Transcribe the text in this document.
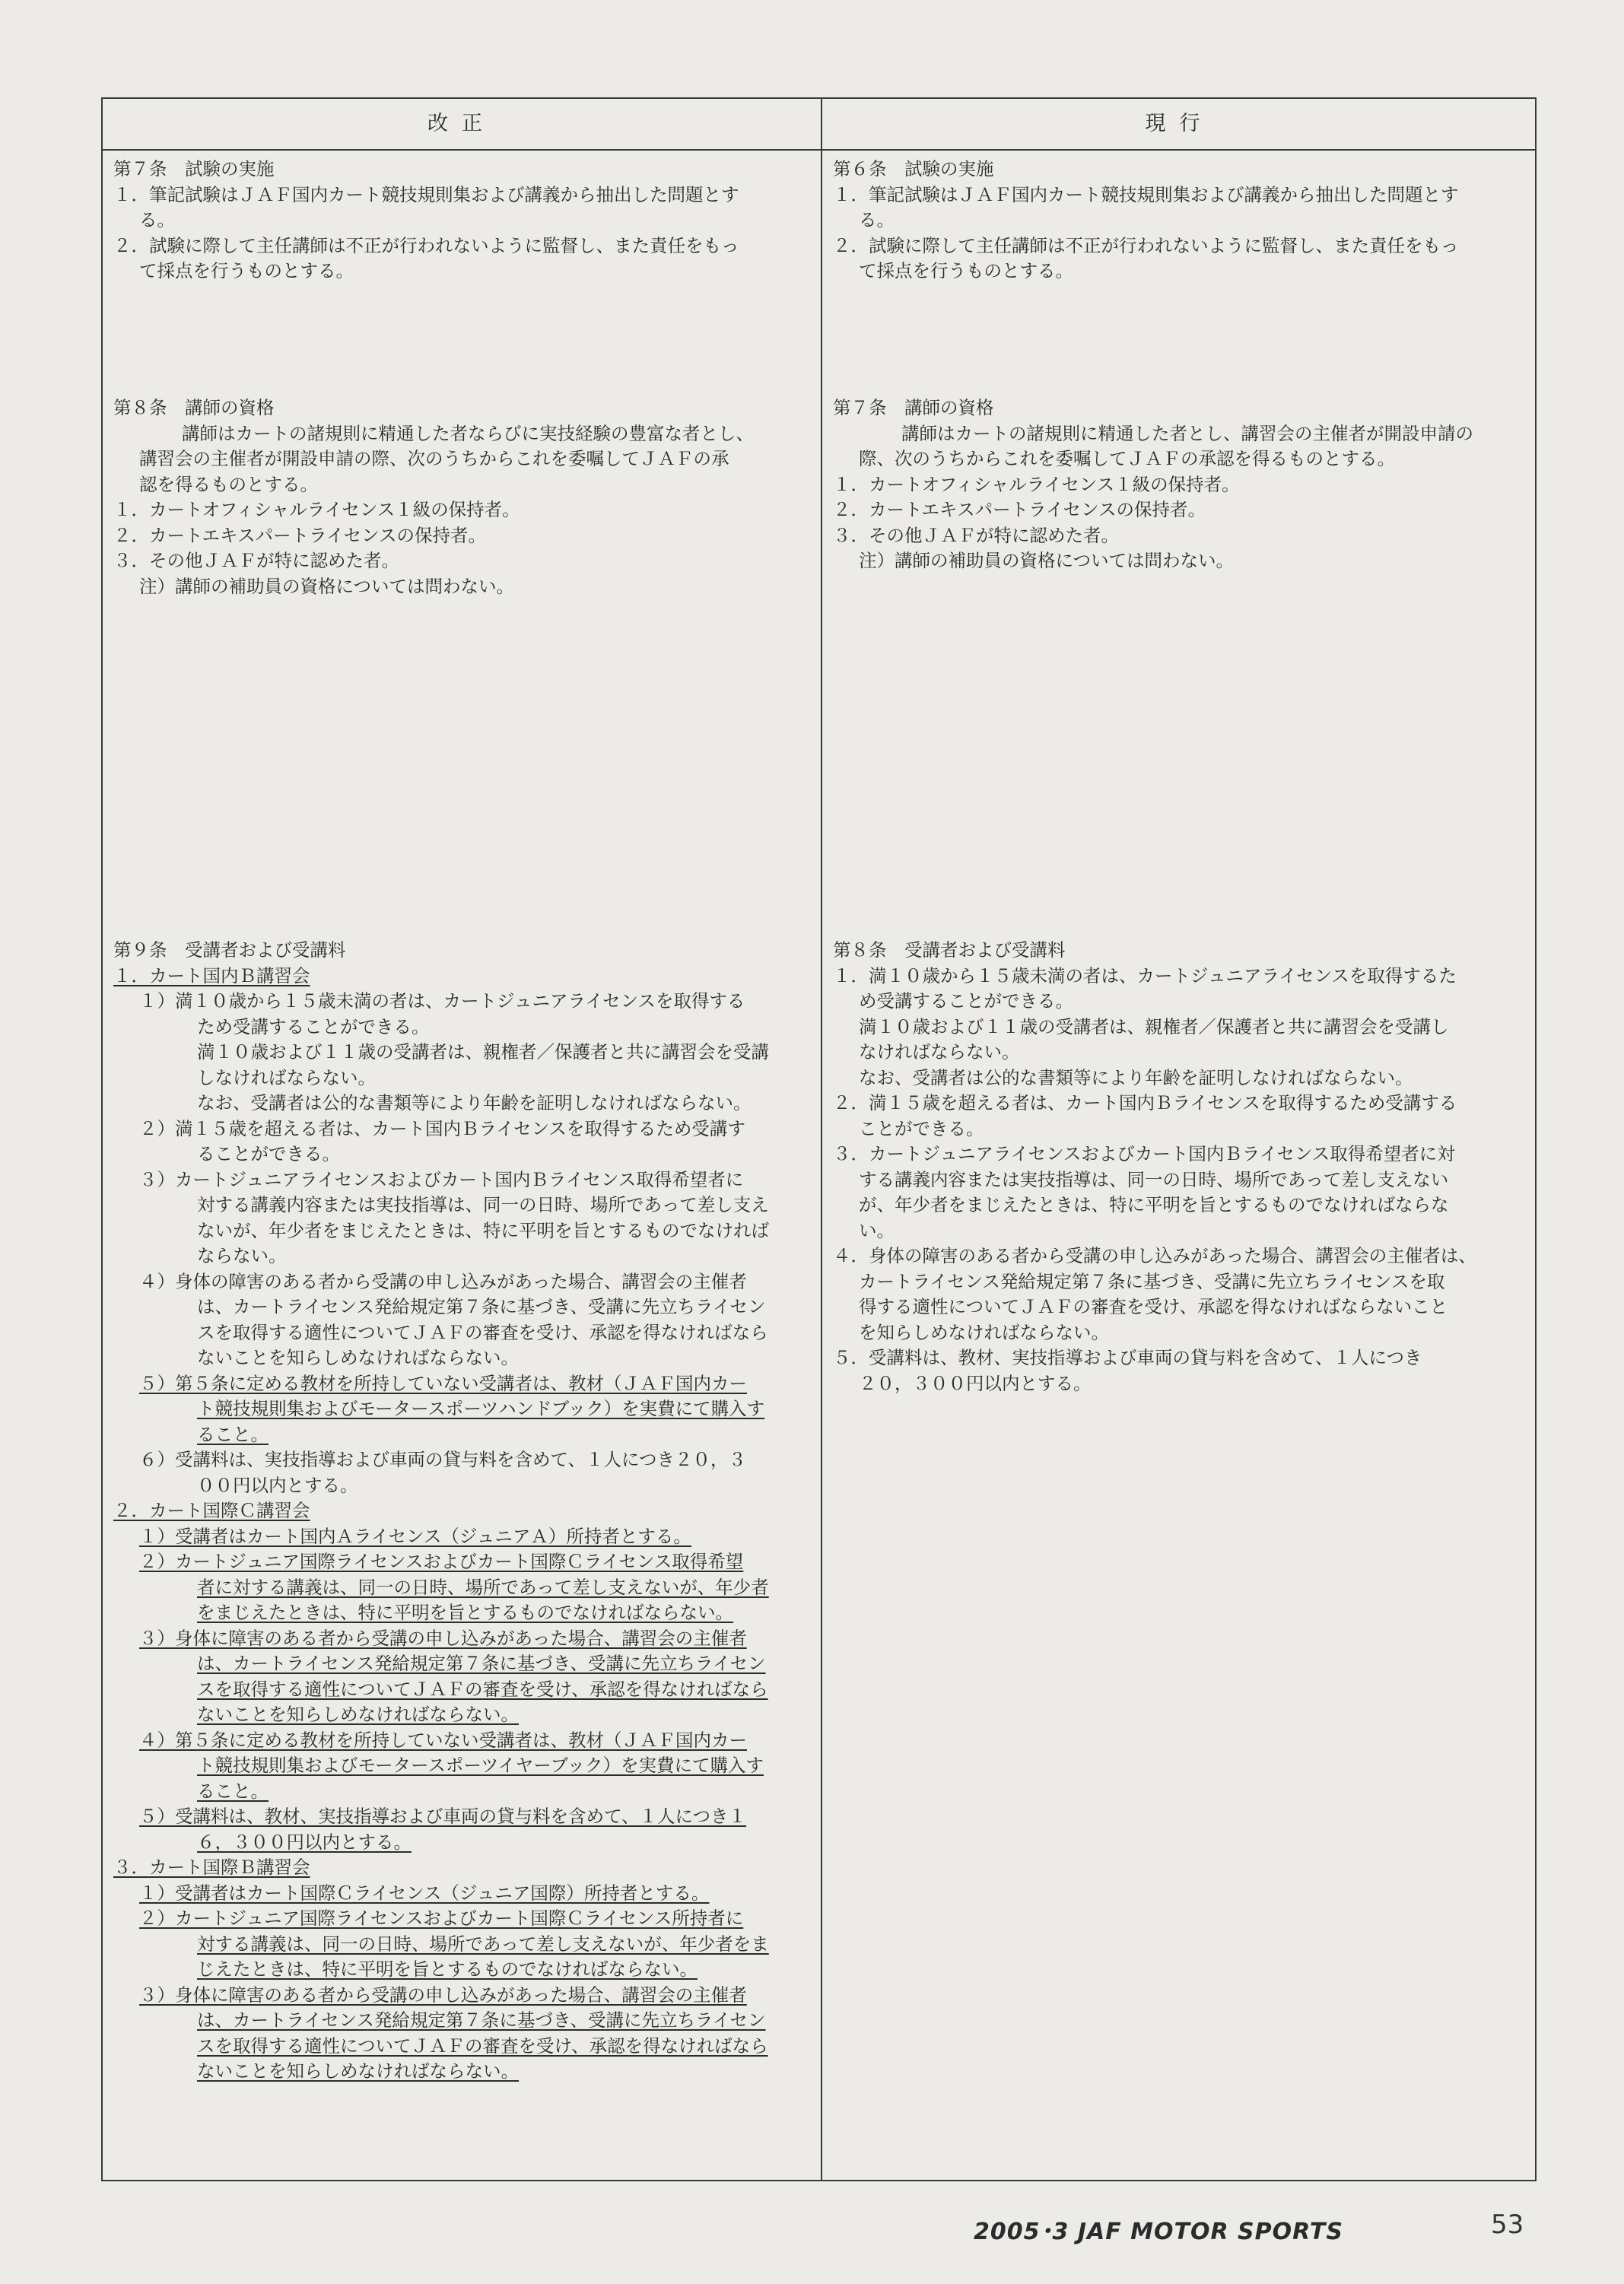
改正	現行
第７条　試験の実施
１．筆記試験はＪＡＦ国内カート競技規則集および講義から抽出した問題とす
る。
２．試験に際して主任講師は不正が行われないように監督し、また責任をもっ
て採点を行うものとする。
第８条　講師の資格
講師はカートの諸規則に精通した者ならびに実技経験の豊富な者とし、
講習会の主催者が開設申請の際、次のうちからこれを委嘱してＪＡＦの承
認を得るものとする。
１．カートオフィシャルライセンス１級の保持者。
２．カートエキスパートライセンスの保持者。
３．その他ＪＡＦが特に認めた者。
注）講師の補助員の資格については問わない。
第９条　受講者および受講料
１．カート国内Ｂ講習会
１）満１０歳から１５歳未満の者は、カートジュニアライセンスを取得する
ため受講することができる。
満１０歳および１１歳の受講者は、親権者／保護者と共に講習会を受講
しなければならない。
なお、受講者は公的な書類等により年齢を証明しなければならない。
２）満１５歳を超える者は、カート国内Ｂライセンスを取得するため受講す
ることができる。
３）カートジュニアライセンスおよびカート国内Ｂライセンス取得希望者に
対する講義内容または実技指導は、同一の日時、場所であって差し支え
ないが、年少者をまじえたときは、特に平明を旨とするものでなければ
ならない。
４）身体の障害のある者から受講の申し込みがあった場合、講習会の主催者
は、カートライセンス発給規定第７条に基づき、受講に先立ちライセン
スを取得する適性についてＪＡＦの審査を受け、承認を得なければなら
ないことを知らしめなければならない。
５）第５条に定める教材を所持していない受講者は、教材（ＪＡＦ国内カー
ト競技規則集およびモータースポーツハンドブック）を実費にて購入す
ること。
６）受講料は、実技指導および車両の貸与料を含めて、１人につき２０，３
００円以内とする。
２．カート国際Ｃ講習会
１）受講者はカート国内Ａライセンス（ジュニアＡ）所持者とする。
２）カートジュニア国際ライセンスおよびカート国際Ｃライセンス取得希望
者に対する講義は、同一の日時、場所であって差し支えないが、年少者
をまじえたときは、特に平明を旨とするものでなければならない。
３）身体に障害のある者から受講の申し込みがあった場合、講習会の主催者
は、カートライセンス発給規定第７条に基づき、受講に先立ちライセン
スを取得する適性についてＪＡＦの審査を受け、承認を得なければなら
ないことを知らしめなければならない。
４）第５条に定める教材を所持していない受講者は、教材（ＪＡＦ国内カー
ト競技規則集およびモータースポーツイヤーブック）を実費にて購入す
ること。
５）受講料は、教材、実技指導および車両の貸与料を含めて、１人につき１
６，３００円以内とする。
３．カート国際Ｂ講習会
１）受講者はカート国際Ｃライセンス（ジュニア国際）所持者とする。
２）カートジュニア国際ライセンスおよびカート国際Ｃライセンス所持者に
対する講義は、同一の日時、場所であって差し支えないが、年少者をま
じえたときは、特に平明を旨とするものでなければならない。
３）身体に障害のある者から受講の申し込みがあった場合、講習会の主催者
は、カートライセンス発給規定第７条に基づき、受講に先立ちライセン
スを取得する適性についてＪＡＦの審査を受け、承認を得なければなら
ないことを知らしめなければならない。
第６条　試験の実施
１．筆記試験はＪＡＦ国内カート競技規則集および講義から抽出した問題とす
る。
２．試験に際して主任講師は不正が行われないように監督し、また責任をもっ
て採点を行うものとする。
第７条　講師の資格
講師はカートの諸規則に精通した者とし、講習会の主催者が開設申請の
際、次のうちからこれを委嘱してＪＡＦの承認を得るものとする。
１．カートオフィシャルライセンス１級の保持者。
２．カートエキスパートライセンスの保持者。
３．その他ＪＡＦが特に認めた者。
注）講師の補助員の資格については問わない。
第８条　受講者および受講料
１．満１０歳から１５歳未満の者は、カートジュニアライセンスを取得するた
め受講することができる。
満１０歳および１１歳の受講者は、親権者／保護者と共に講習会を受講し
なければならない。
なお、受講者は公的な書類等により年齢を証明しなければならない。
２．満１５歳を超える者は、カート国内Ｂライセンスを取得するため受講する
ことができる。
３．カートジュニアライセンスおよびカート国内Ｂライセンス取得希望者に対
する講義内容または実技指導は、同一の日時、場所であって差し支えない
が、年少者をまじえたときは、特に平明を旨とするものでなければならな
い。
４．身体の障害のある者から受講の申し込みがあった場合、講習会の主催者は、
カートライセンス発給規定第７条に基づき、受講に先立ちライセンスを取
得する適性についてＪＡＦの審査を受け、承認を得なければならないこと
を知らしめなければならない。
５．受講料は、教材、実技指導および車両の貸与料を含めて、１人につき
２０，３００円以内とする。
2005･3 JAF MOTOR SPORTS	53
